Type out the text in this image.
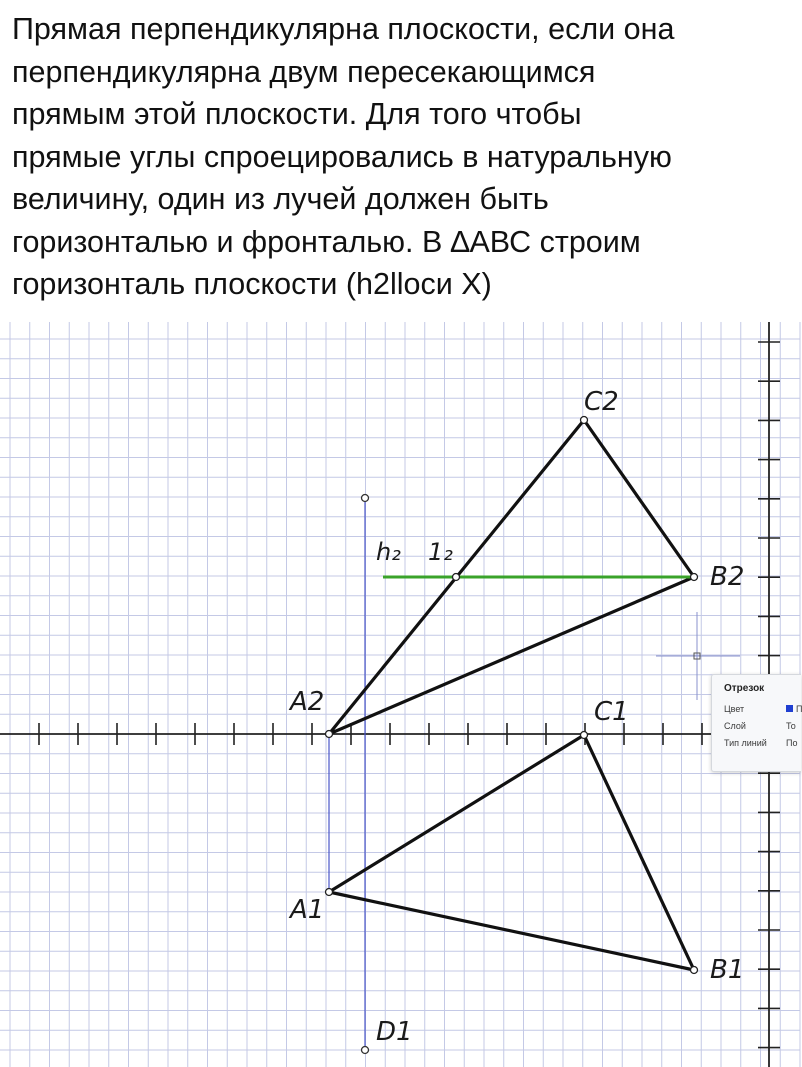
Прямая перпендикулярна плоскости, если она
перпендикулярна двум пересекающимся
прямым этой плоскости. Для того чтобы
прямые углы спроецировались в натуральную
величину, один из лучей должен быть
горизонталью и фронталью. В ∆АВС строим
горизонталь плоскости (h2llоси Х)
C2
B2
A2
h₂ 1₂
C1
A1
B1
D1
Отрезок
Цвет	П
Слой	То
Тип линий	По
